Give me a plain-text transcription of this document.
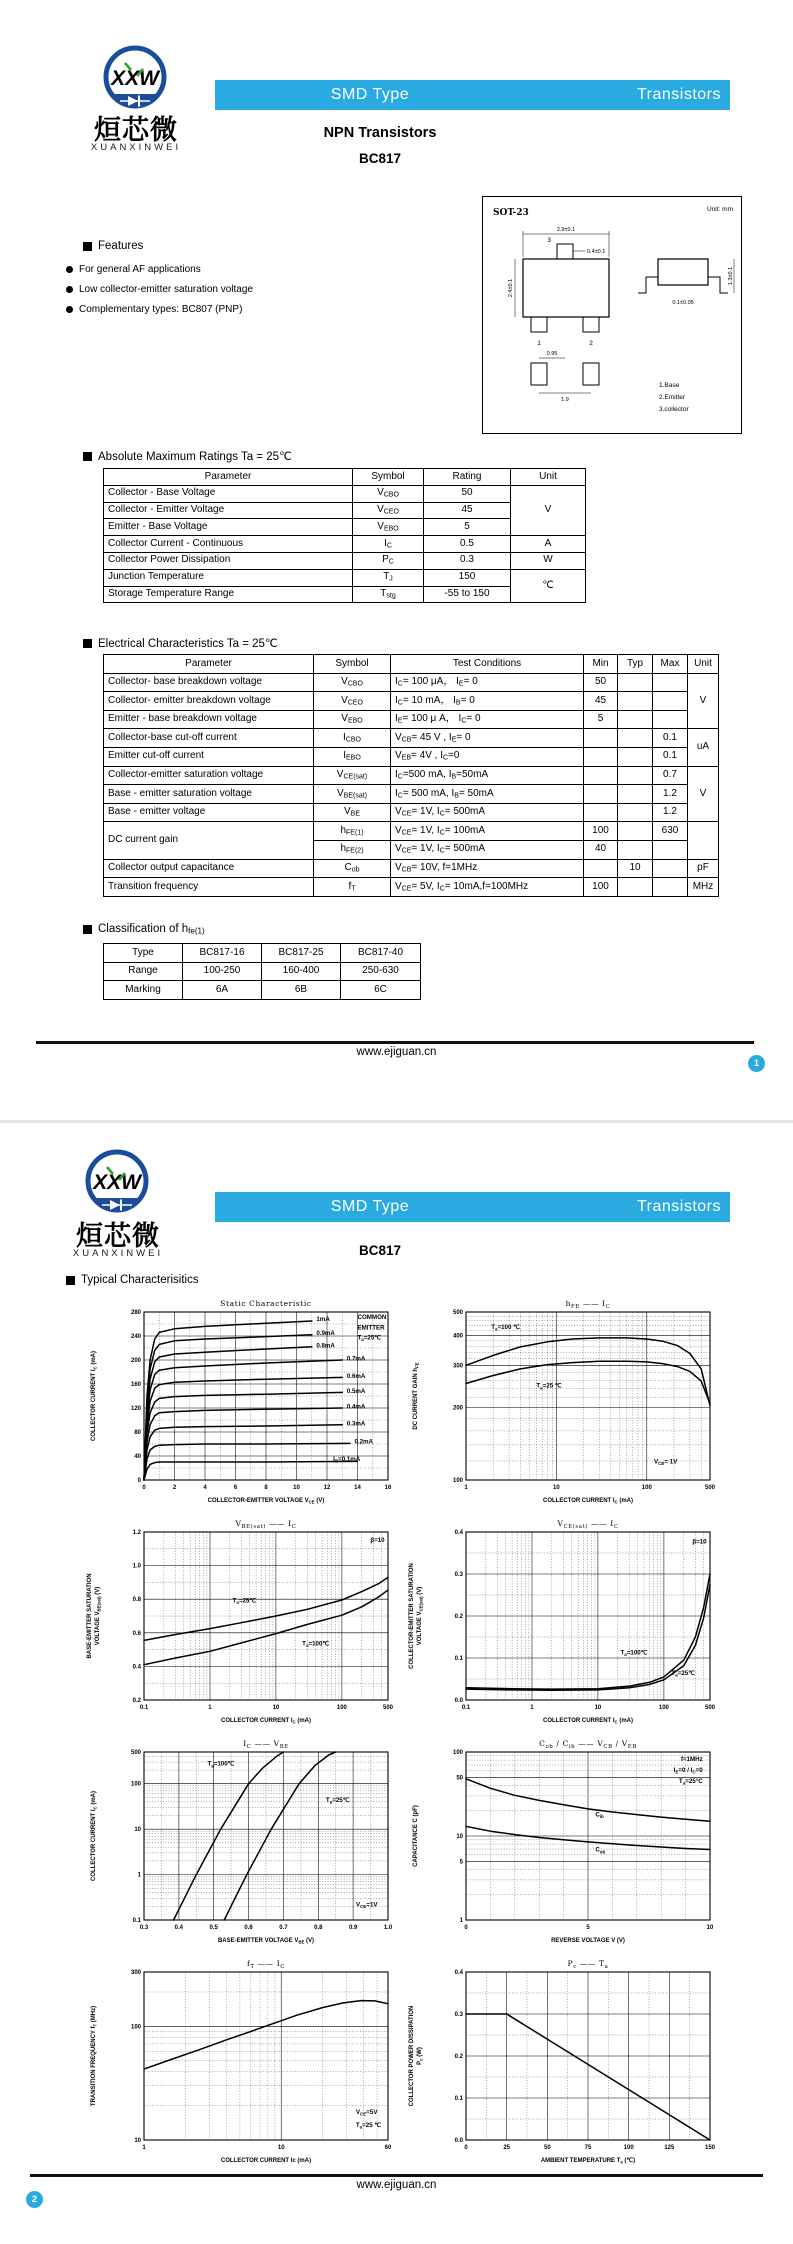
XXW
烜芯微
XUANXINWEI
SMD Type	Transistors
NPN Transistors
BC817
Features
For general AF applications
Low collector-emitter saturation voltage
Complementary types: BC807 (PNP)
SOT-23	Unit: mm
3
1	2
2.9±0.1
0.4±0.1
2.4±0.1
0.95
1.9
1.3±0.1
0.1±0.05
1.Base
2.Emitter
3.collector
Absolute Maximum Ratings Ta = 25℃
Parameter	Symbol	Rating	Unit
Collector - Base Voltage	$V_{CBO}$	50	V
Collector - Emitter Voltage	$V_{CEO}$	45	
Emitter - Base Voltage	$V_{EBO}$	5	
Collector Current - Continuous	$I_C$	0.5	A
Collector Power Dissipation	$P_C$	0.3	W
Junction Temperature	$T_J$	150	℃
Storage Temperature Range	$T_{stg}$	-55 to 150	
Electrical Characteristics Ta = 25℃
Parameter	Symbol	Test Conditions	Min	Typ	Max	Unit
Collector- base breakdown voltage	$V_{CBO}$	$I_C= 100$ μA， $I_E= 0$	50			V
Collector- emitter breakdown voltage	$V_{CEO}$	$I_C= 10$ mA， $I_B= 0$	45			
Emitter - base breakdown voltage	$V_{EBO}$	$I_E= 100$ μ A， $I_C= 0$	5			
Collector-base cut-off current	$I_{CBO}$	$V_{CB}= 45$ V , $I_E= 0$			0.1	uA
Emitter cut-off current	$I_{EBO}$	$V_{EB}= 4V$ , $I_C=0$			0.1	
Collector-emitter saturation voltage	$V_{CE(sat)}$	$I_C=500$ mA, $I_B=50mA$			0.7	V
Base - emitter saturation voltage	$V_{BE(sat)}$	$I_C= 500$ mA, $I_B= 50mA$			1.2	
Base - emitter voltage	$V_{BE}$	$V_{CE}= 1V$, $I_C= 500mA$			1.2	
DC current gain	$h_{FE(1)}$	$V_{CE}= 1V$, $I_C= 100mA$	100		630	
	$h_{FE(2)}$	$V_{CE}= 1V$, $I_C= 500mA$	40			
Collector output capacitance	$C_{ob}$	$V_{CB}= 10V$, f=1MHz		10		pF
Transition frequency	$f_T$	$V_{CE}= 5V$, $I_C= 10mA,f=100MHz$	100			MHz
Classification of $h_{fe(1)}$
Type	BC817-16	BC817-25	BC817-40
Range	100-250	160-400	250-630
Marking	6A	6B	6C
www.ejiguan.cn
1
XXW
烜芯微
XUANXINWEI
SMD Type	Transistors
BC817
Typical Characterisitics
0	2	4	6	8	10	12	14	16
0
40
80
120
160
200
240
280
1mA
0.9mA
0.8mA
0.7mA
0.6mA
0.5mA
0.4mA
0.3mA
0.2mA
$I_B=0.1mA$
COMMON
EMITTER
$T_a=25℃$
Static Characteristic
COLLECTOR-EMITTER VOLTAGE $V_{CE}$ (V)
COLLECTOR CURRENT $I_C$ (mA)
1	10	100	500
100
200
300
400
500
$T_a=100$ ℃
$T_a=25$ ℃
$V_{CE}= 1V$
$h_{FE}$ —— $I_C$
COLLECTOR CURRENT $I_C$ (mA)
DC CURRENT GAIN $h_{FE}$
0.1	1	10	100	500
0.2
0.4
0.6
0.8
1.0
1.2
$T_a=25℃$
$T_a=100℃$
β=10
$V_{BE(sat)}$ —— $I_C$
COLLECTOR CURRENT $I_C$ (mA)
BASE-EMITTER SATURATION VOLTAGE $V_{BE(sat)}$ (V)
0.1	1	10	100	500
0.0
0.1
0.2
0.3
0.4
$T_a=100℃$
$T_a=25℃$
β=10
$V_{CE(sat)}$ —— $I_C$
COLLECTOR CURRENT $I_C$ (mA)
COLLECTOR-EMITTER SATURATION VOLTAGE $V_{CE(sat)}$ (V)
0.3	0.4	0.5	0.6	0.7	0.8	0.9	1.0
0.1
1
10
100
500
$T_a=100℃$
$T_a=25℃$
$V_{CE}=1V$
$I_C$ —— $V_{BE}$
BASE-EMITTER VOLTAGE $V_{BE}$ (V)
COLLECTOR CURRENT $I_C$ (mA)
0	5	10
1
5
10
50
100
$C_{ib}$
$C_{ob}$
f=1MHz
$I_E=0 / I_C=0$
$T_a=25^\circ C$
$C_{ob} / C_{ib}$ —— $V_{CB} / V_{EB}$
REVERSE VOLTAGE V (V)
CAPACITANCE C (pF)
1	10	60
10
100
300
$V_{CE}=5V$
$T_a=25$ ℃
$f_T$ —— $I_C$
COLLECTOR CURRENT Ic (mA)
TRANSITION FREQUENCY $f_T$ (MHz)
0	25	50	75	100	125	150
0.0
0.1
0.2
0.3
0.4
$P_c$ —— $T_a$
AMBIENT TEMPERATURE $T_a$ (℃)
COLLECTOR POWER DISSIPATION $P_c$ (W)
www.ejiguan.cn
2
